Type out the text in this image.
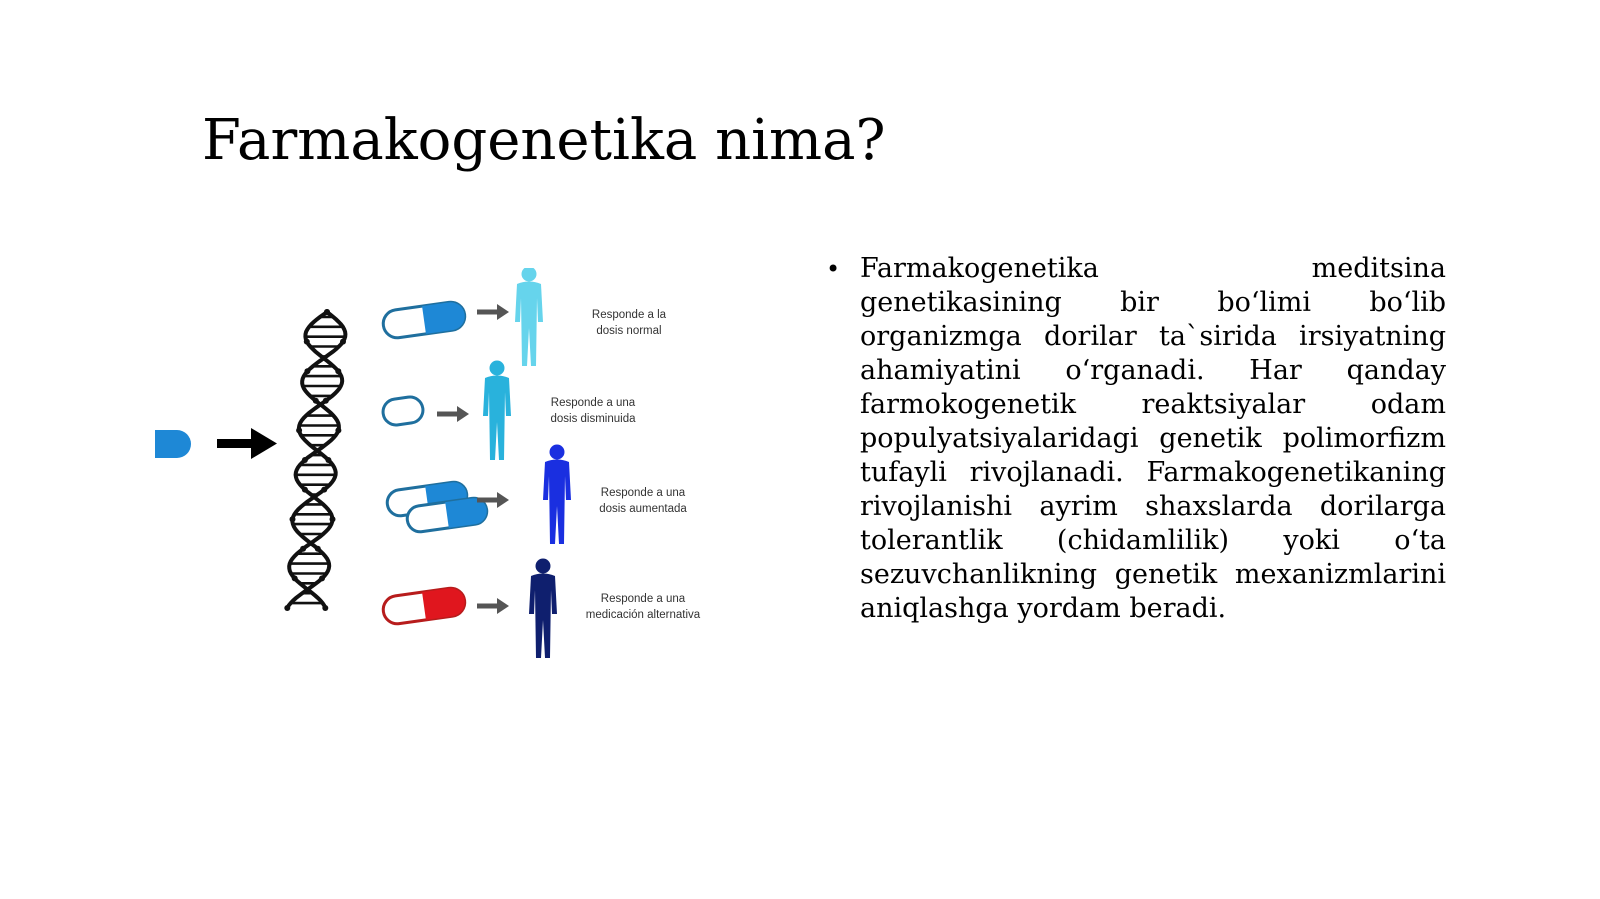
Farmakogenetika nima?
Responde a la
dosis normal
Responde a una
dosis disminuida
Responde a una
dosis aumentada
Responde a una
medicación alternativa
• Farmakogenetika meditsina genetikasining bir boʻlimi boʻlib organizmga dorilar ta`sirida irsiyatning ahamiyatini oʻrganadi. Har qanday farmokogenetik reaktsiyalar odam populyatsiyalaridagi genetik polimorfizm tufayli rivojlanadi. Farmakogenetikaning rivojlanishi ayrim shaxslarda dorilarga tolerantlik (chidamlilik) yoki oʻta sezuvchanlikning genetik mexanizmlarini aniqlashga yordam beradi.
